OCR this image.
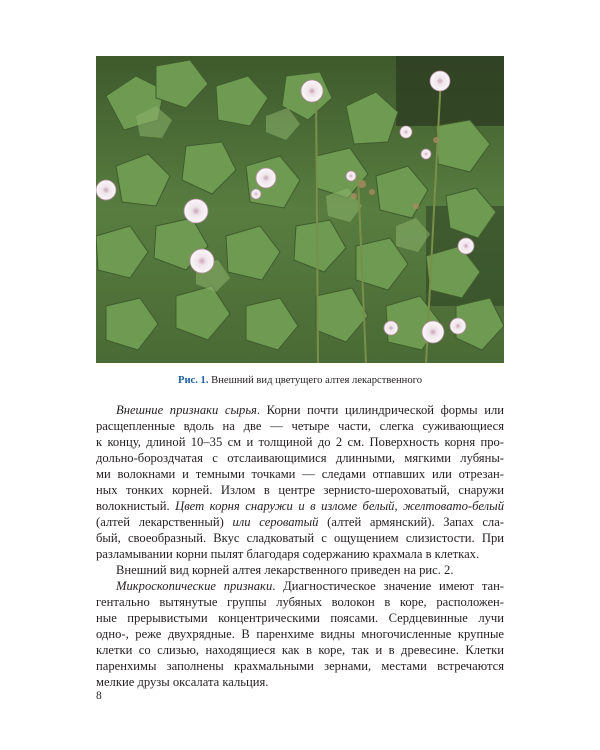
Рис. 1. Внешний вид цветущего алтея лекарственного
Внешние признаки сырья. Корни почти цилиндрической формы или
расщепленные вдоль на две — четыре части, слегка суживающиеся
к концу, длиной 10–35 см и толщиной до 2 см. Поверхность корня про-
дольно-бороздчатая с отслаивающимися длинными, мягкими лубяны-
ми волокнами и темными точками — следами отпавших или отрезан-
ных тонких корней. Излом в центре зернисто-шероховатый, снаружи
волокнистый. Цвет корня снаружи и в изломе белый, желтовато-белый
(алтей лекарственный) или сероватый (алтей армянский). Запах сла-
бый, своеобразный. Вкус сладковатый с ощущением слизистости. При
разламывании корни пылят благодаря содержанию крахмала в клетках.
Внешний вид корней алтея лекарственного приведен на рис. 2.
Микроскопические признаки. Диагностическое значение имеют тан-
гентально вытянутые группы лубяных волокон в коре, расположен-
ные прерывистыми концентрическими поясами. Сердцевинные лучи
одно-, реже двухрядные. В паренхиме видны многочисленные крупные
клетки со слизью, находящиеся как в коре, так и в древесине. Клетки
паренхимы заполнены крахмальными зернами, местами встречаются
мелкие друзы оксалата кальция.
8
